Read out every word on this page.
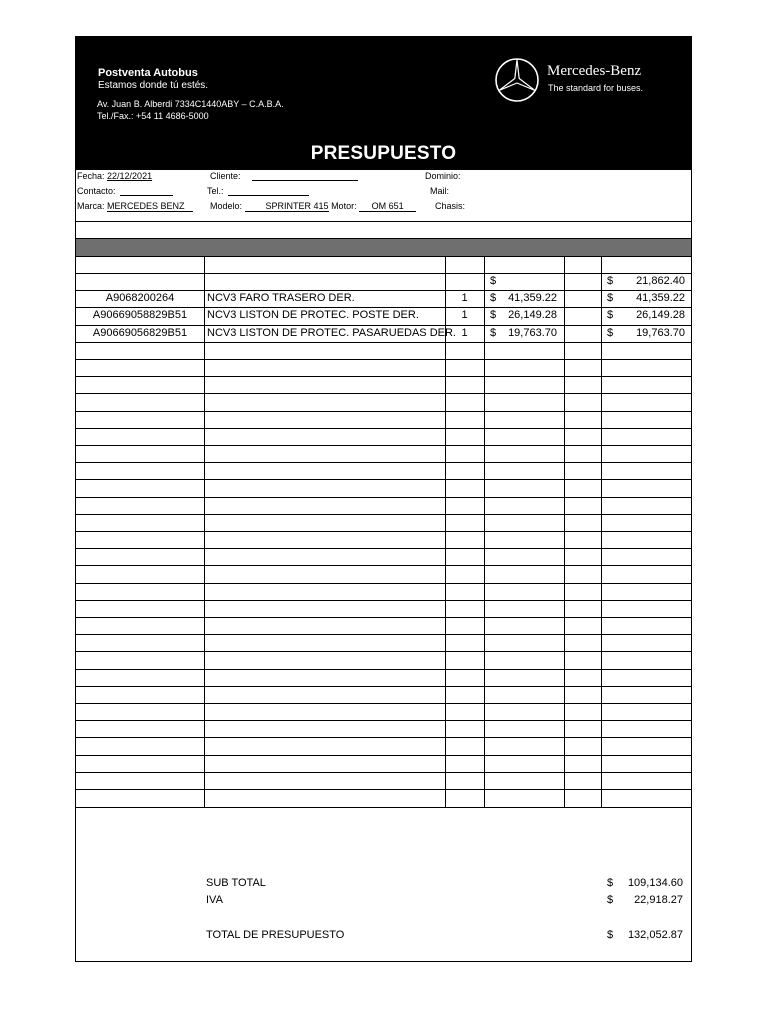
Postventa Autobus
Estamos donde tú estés.
Av. Juan B. Alberdi 7334C1440ABY – C.A.B.A.
Tel./Fax.: +54 11 4686-5000
Mercedes-Benz
The standard for buses.
PRESUPUESTO
Fecha: 22/12/2021	Cliente:	Dominio:
Contacto:	Tel.:	Mail:
Marca: MERCEDES BENZ	Modelo:	SPRINTER 415 Motor: OM 651	Chasis:
$	$	21,862.40
A9068200264	NCV3 FARO TRASERO DER.	1	$	41,359.22	$	41,359.22
A90669058829B51	NCV3 LISTON DE PROTEC. POSTE DER.	1	$	26,149.28	$	26,149.28
A90669056829B51	NCV3 LISTON DE PROTEC. PASARUEDAS DER. 1	$	19,763.70	$	19,763.70
SUB TOTAL	$ 109,134.60
IVA	$ 22,918.27
TOTAL DE PRESUPUESTO	$ 132,052.87
